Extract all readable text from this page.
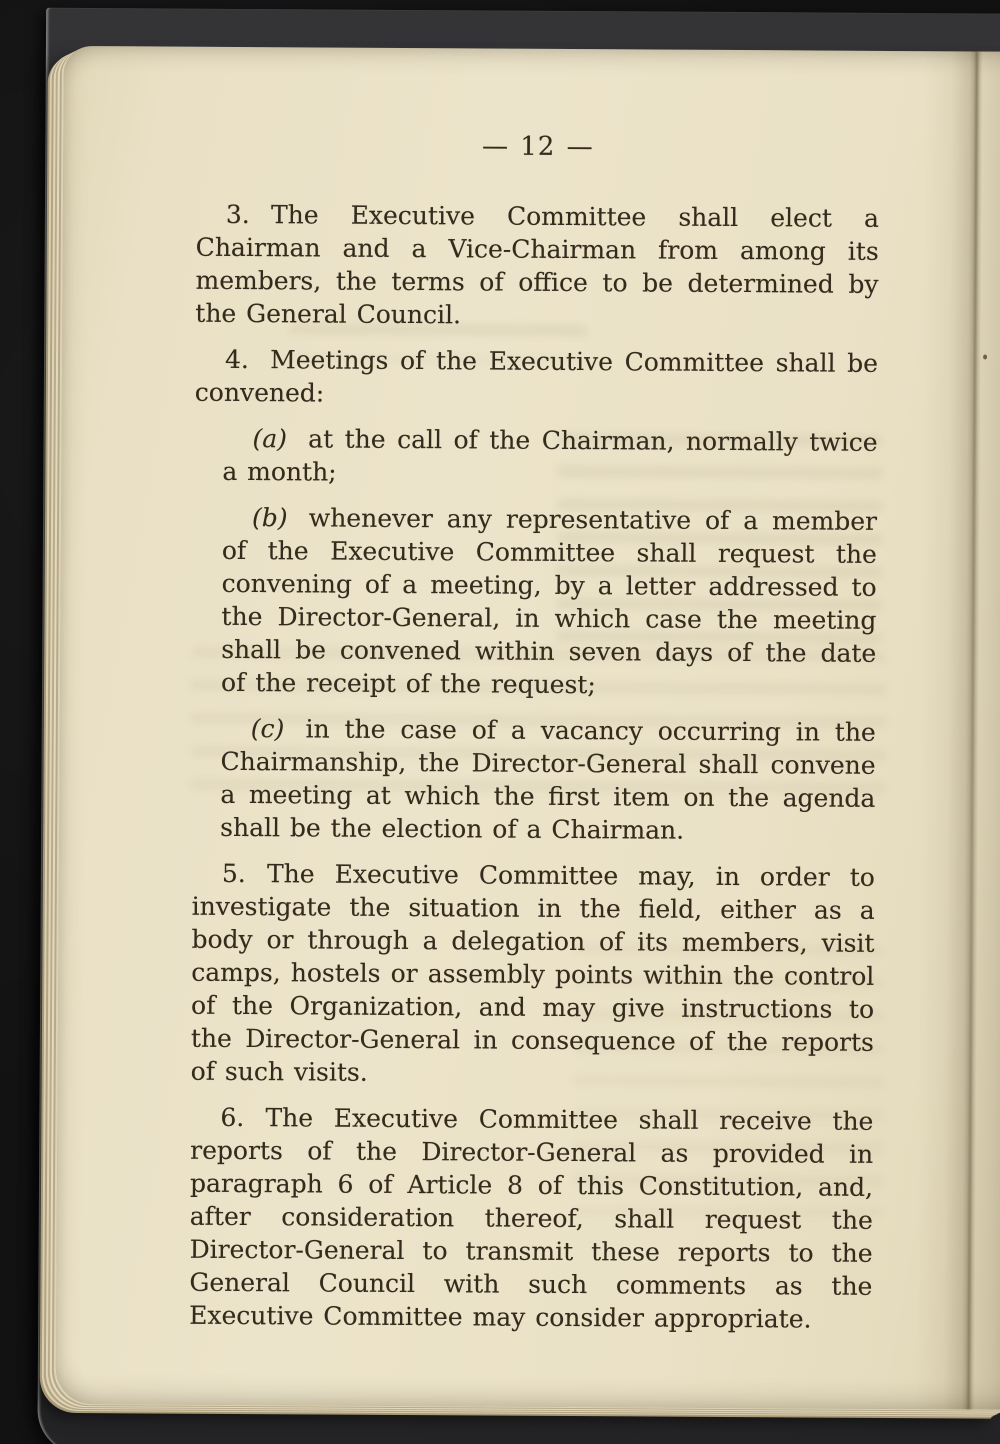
— 12 —

3. The Executive Committee shall elect a Chairman and a Vice-Chairman from among its members, the terms of office to be determined by the General Council.

4. Meetings of the Executive Committee shall be convened:

(a) at the call of the Chairman, normally twice a month;

(b) whenever any representative of a member of the Executive Committee shall request the convening of a meeting, by a letter addressed to the Director-General, in which case the meeting shall be convened within seven days of the date of the receipt of the request;

(c) in the case of a vacancy occurring in the Chairmanship, the Director-General shall convene a meeting at which the first item on the agenda shall be the election of a Chairman.

5. The Executive Committee may, in order to investigate the situation in the field, either as a body or through a delegation of its members, visit camps, hostels or assembly points within the control of the Organization, and may give instructions to the Director-General in consequence of the reports of such visits.

6. The Executive Committee shall receive the reports of the Director-General as provided in paragraph 6 of Article 8 of this Constitution, and, after consideration thereof, shall request the Director-General to transmit these reports to the General Council with such comments as the Executive Committee may consider appropriate.
